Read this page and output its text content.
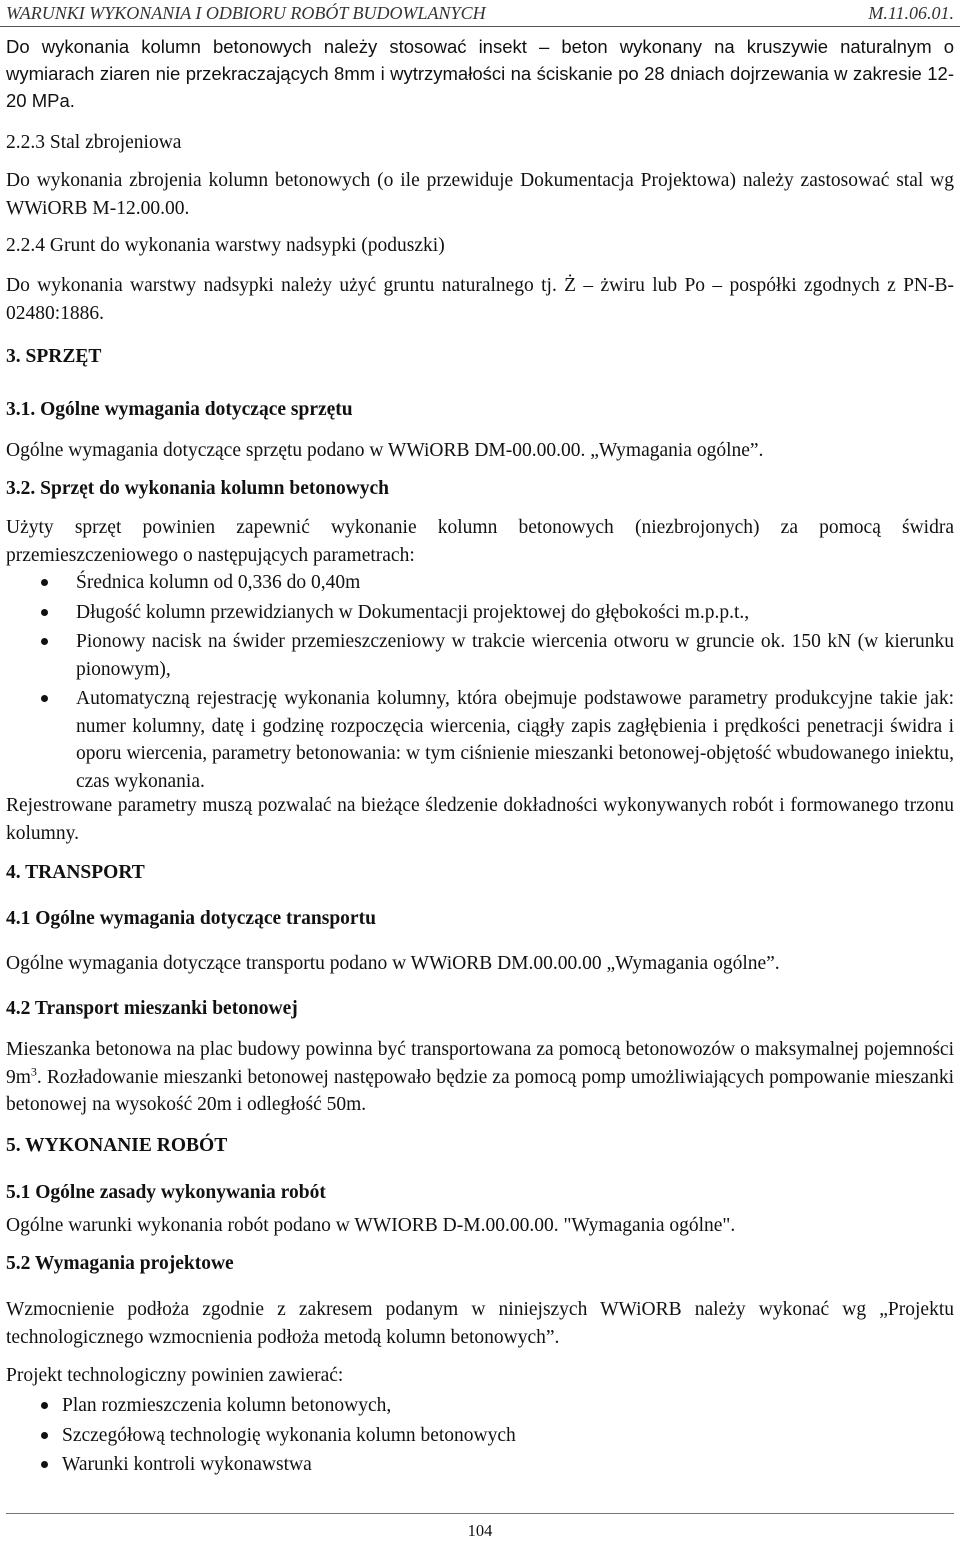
WARUNKI WYKONANIA I ODBIORU ROBÓT BUDOWLANYCH	M.11.06.01.

Do wykonania kolumn betonowych należy stosować insekt – beton wykonany na kruszywie naturalnym o wymiarach ziaren nie przekraczających 8mm i wytrzymałości na ściskanie po 28 dniach dojrzewania w zakresie 12-20 MPa.

2.2.3 Stal zbrojeniowa

Do wykonania zbrojenia kolumn betonowych (o ile przewiduje Dokumentacja Projektowa) należy zastosować stal wg WWiORB M-12.00.00.

2.2.4 Grunt do wykonania warstwy nadsypki (poduszki)

Do wykonania warstwy nadsypki należy użyć gruntu naturalnego tj. Ż – żwiru lub Po – pospółki zgodnych z PN-B-02480:1886.

3. SPRZĘT

3.1. Ogólne wymagania dotyczące sprzętu

Ogólne wymagania dotyczące sprzętu podano w WWiORB DM-00.00.00. „Wymagania ogólne”.

3.2. Sprzęt do wykonania kolumn betonowych

Użyty sprzęt powinien zapewnić wykonanie kolumn betonowych (niezbrojonych) za pomocą świdra przemieszczeniowego o następujących parametrach:

Średnica kolumn od 0,336 do 0,40m
Długość kolumn przewidzianych w Dokumentacji projektowej do głębokości m.p.p.t.,
Pionowy nacisk na świder przemieszczeniowy w trakcie wiercenia otworu w gruncie ok. 150 kN (w kierunku pionowym),
Automatyczną rejestrację wykonania kolumny, która obejmuje podstawowe parametry produkcyjne takie jak: numer kolumny, datę i godzinę rozpoczęcia wiercenia, ciągły zapis zagłębienia i prędkości penetracji świdra i oporu wiercenia, parametry betonowania: w tym ciśnienie mieszanki betonowej-objętość wbudowanego iniektu, czas wykonania.

Rejestrowane parametry muszą pozwalać na bieżące śledzenie dokładności wykonywanych robót i formowanego trzonu kolumny.

4. TRANSPORT

4.1 Ogólne wymagania dotyczące transportu

Ogólne wymagania dotyczące transportu podano w WWiORB DM.00.00.00 „Wymagania ogólne”.

4.2 Transport mieszanki betonowej

Mieszanka betonowa na plac budowy powinna być transportowana za pomocą betonowozów o maksymalnej pojemności $9m^3$. Rozładowanie mieszanki betonowej następowało będzie za pomocą pomp umożliwiających pompowanie mieszanki betonowej na wysokość 20m i odległość 50m.

5. WYKONANIE ROBÓT

5.1 Ogólne zasady wykonywania robót

Ogólne warunki wykonania robót podano w WWIORB D-M.00.00.00. "Wymagania ogólne".

5.2 Wymagania projektowe

Wzmocnienie podłoża zgodnie z zakresem podanym w niniejszych WWiORB należy wykonać wg „Projektu technologicznego wzmocnienia podłoża metodą kolumn betonowych”.

Projekt technologiczny powinien zawierać:

Plan rozmieszczenia kolumn betonowych,
Szczegółową technologię wykonania kolumn betonowych
Warunki kontroli wykonawstwa
104
